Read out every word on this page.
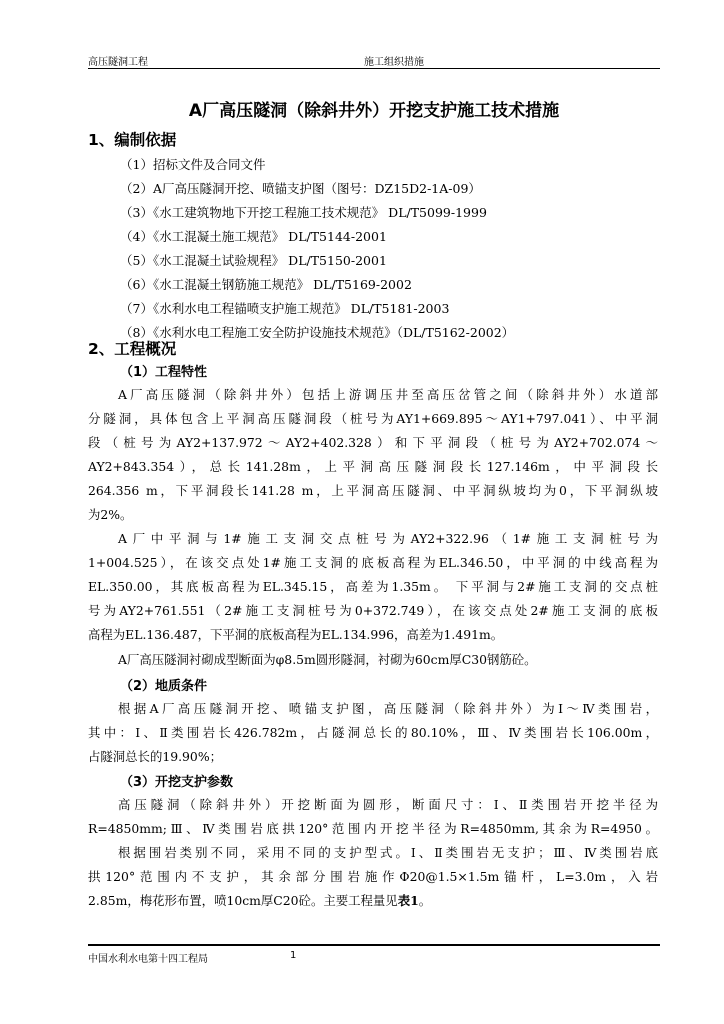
高压隧洞工程	施工组织措施
A厂高压隧洞（除斜井外）开挖支护施工技术措施
1、编制依据
（1）招标文件及合同文件
（2）A厂高压隧洞开挖、喷锚支护图（图号：DZ15D2-1A-09）
（3）《水工建筑物地下开挖工程施工技术规范》 DL/T5099-1999
（4）《水工混凝土施工规范》 DL/T5144-2001
（5）《水工混凝土试验规程》 DL/T5150-2001
（6）《水工混凝土钢筋施工规范》 DL/T5169-2002
（7）《水利水电工程锚喷支护施工规范》 DL/T5181-2003
（8）《水利水电工程施工安全防护设施技术规范》（DL/T5162-2002）
2、工程概况
（1）工程特性
A厂高压隧洞（除斜井外）包括上游调压井至高压岔管之间（除斜井外）水道部
分隧洞，具体包含上平洞高压隧洞段（桩号为AY1+669.895～AY1+797.041）、中平洞
段（桩号为AY2+137.972～AY2+402.328）和下平洞段（桩号为AY2+702.074～
AY2+843.354），总长141.28m，上平洞高压隧洞段长127.146m，中平洞段长
264.356 m，下平洞段长141.28 m，上平洞高压隧洞、中平洞纵坡均为0，下平洞纵坡
为2%。
A厂中平洞与1#施工支洞交点桩号为AY2+322.96（1#施工支洞桩号为
1+004.525），在该交点处1#施工支洞的底板高程为EL.346.50，中平洞的中线高程为
EL.350.00，其底板高程为EL.345.15，高差为1.35m。 下平洞与2#施工支洞的交点桩
号为AY2+761.551（2#施工支洞桩号为0+372.749），在该交点处2#施工支洞的底板
高程为EL.136.487，下平洞的底板高程为EL.134.996，高差为1.491m。
A厂高压隧洞衬砌成型断面为φ8.5m圆形隧洞，衬砌为60cm厚C30钢筋砼。
（2）地质条件
根据A厂高压隧洞开挖、喷锚支护图，高压隧洞（除斜井外）为Ⅰ～Ⅳ类围岩，
其中：Ⅰ、Ⅱ类围岩长426.782m，占隧洞总长的80.10%，Ⅲ、Ⅳ类围岩长106.00m，
占隧洞总长的19.90%；
（3）开挖支护参数
高压隧洞（除斜井外）开挖断面为圆形，断面尺寸：Ⅰ、Ⅱ类围岩开挖半径为
R=4850mm;Ⅲ、Ⅳ类围岩底拱120°范围内开挖半径为R=4850mm,其余为R=4950。
根据围岩类别不同，采用不同的支护型式。Ⅰ、Ⅱ类围岩无支护；Ⅲ、Ⅳ类围岩底
拱120°范围内不支护，其余部分围岩施作Φ20@1.5×1.5m锚杆，L=3.0m，入岩
2.85m，梅花形布置，喷10cm厚C20砼。主要工程量见表1。
中国水利水电第十四工程局	1
